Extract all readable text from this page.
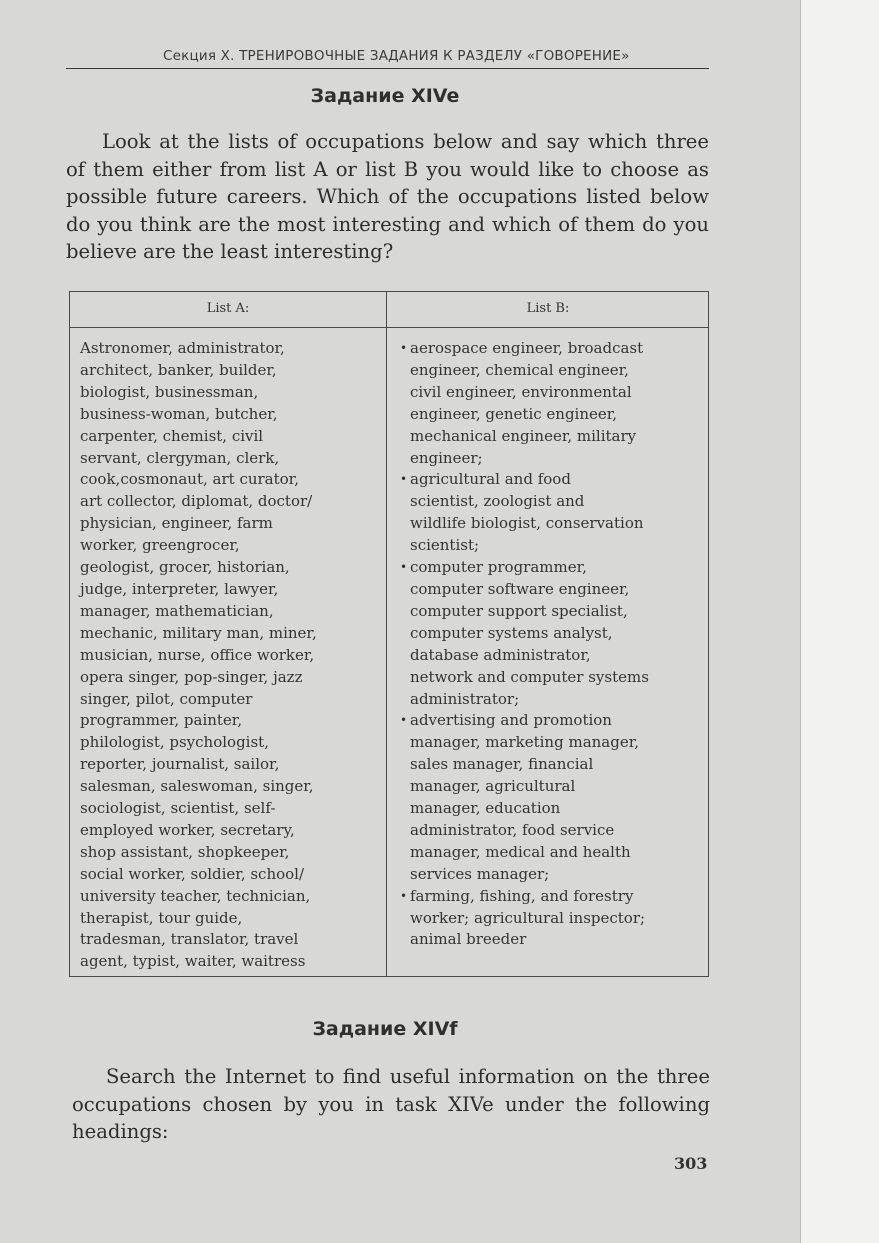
Секция X. ТРЕНИРОВОЧНЫЕ ЗАДАНИЯ К РАЗДЕЛУ «ГОВОРЕНИЕ»
Задание XIVe

Look at the lists of occupations below and say which three of them either from list A or list B you would like to choose as possible future careers. Which of the occupations listed below do you think are the most interesting and which of them do you believe are the least interesting?

List A:	List B:
Astronomer, administrator,
architect, banker, builder,
biologist, businessman,
business-woman, butcher,
carpenter, chemist, civil
servant, clergyman, clerk,
cook,cosmonaut, art curator,
art collector, diplomat, doctor/
physician, engineer, farm
worker, greengrocer,
geologist, grocer, historian,
judge, interpreter, lawyer,
manager, mathematician,
mechanic, military man, miner,
musician, nurse, office worker,
opera singer, pop-singer, jazz
singer, pilot, computer
programmer, painter,
philologist, psychologist,
reporter, journalist, sailor,
salesman, saleswoman, singer,
sociologist, scientist, self-
employed worker, secretary,
shop assistant, shopkeeper,
social worker, soldier, school/
university teacher, technician,
therapist, tour guide,
tradesman, translator, travel
agent, typist, waiter, waitress
• aerospace engineer, broadcast
engineer, chemical engineer,
civil engineer, environmental
engineer, genetic engineer,
mechanical engineer, military
engineer;
• agricultural and food
scientist, zoologist and
wildlife biologist, conservation
scientist;
• computer programmer,
computer software engineer,
computer support specialist,
computer systems analyst,
database administrator,
network and computer systems
administrator;
• advertising and promotion
manager, marketing manager,
sales manager, financial
manager, agricultural
manager, education
administrator, food service
manager, medical and health
services manager;
• farming, fishing, and forestry
worker; agricultural inspector;
animal breeder
Задание XIVf

Search the Internet to find useful information on the three occupations chosen by you in task XIVe under the following headings:

303
